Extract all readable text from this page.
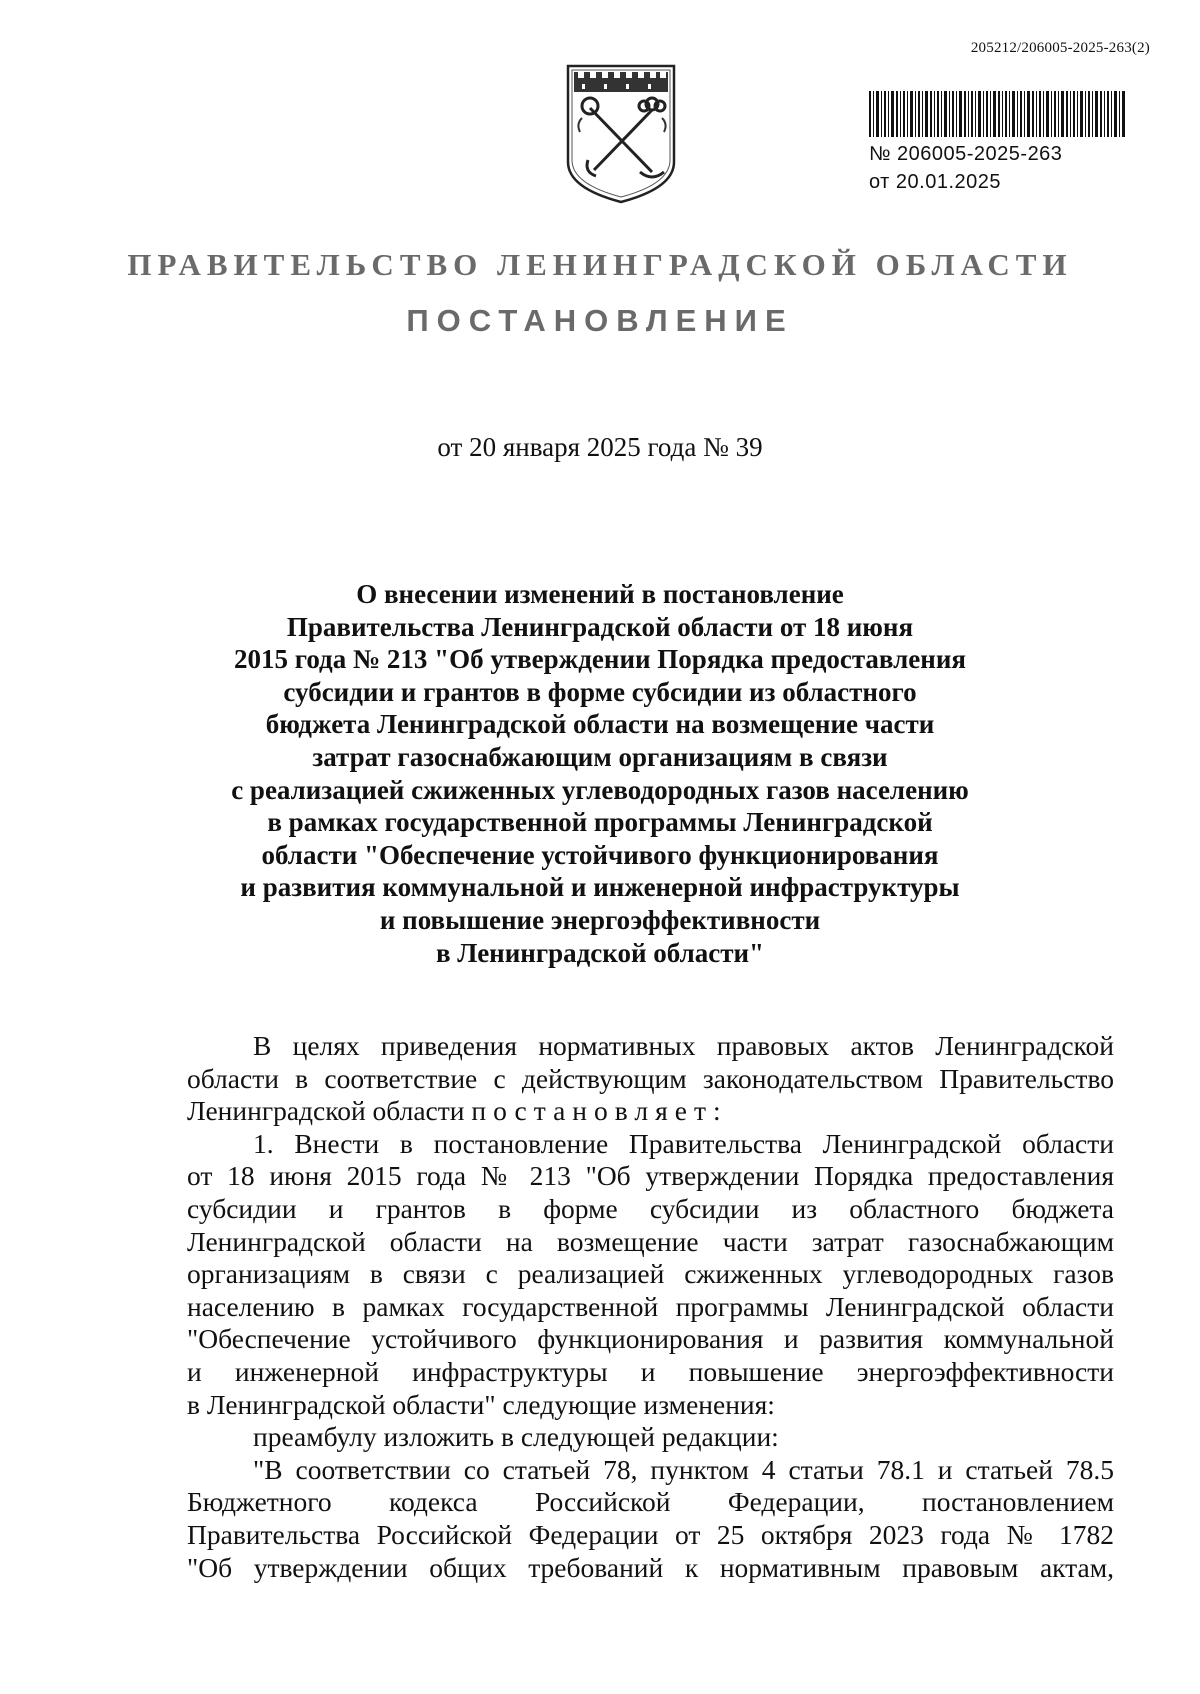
205212/206005-2025-263(2)
№ 206005-2025-263
от 20.01.2025
ПРАВИТЕЛЬСТВО ЛЕНИНГРАДСКОЙ ОБЛАСТИ
ПОСТАНОВЛЕНИЕ
от 20 января 2025 года № 39
О внесении изменений в постановление
Правительства Ленинградской области от 18 июня
2015 года № 213 "Об утверждении Порядка предоставления
субсидии и грантов в форме субсидии из областного
бюджета Ленинградской области на возмещение части
затрат газоснабжающим организациям в связи
с реализацией сжиженных углеводородных газов населению
в рамках государственной программы Ленинградской
области "Обеспечение устойчивого функционирования
и развития коммунальной и инженерной инфраструктуры
и повышение энергоэффективности
в Ленинградской области"
В целях приведения нормативных правовых актов Ленинградской
области в соответствие с действующим законодательством Правительство
Ленинградской области постановляет:
1. Внести в постановление Правительства Ленинградской области
от 18 июня 2015 года № 213 "Об утверждении Порядка предоставления
субсидии и грантов в форме субсидии из областного бюджета
Ленинградской области на возмещение части затрат газоснабжающим
организациям в связи с реализацией сжиженных углеводородных газов
населению в рамках государственной программы Ленинградской области
"Обеспечение устойчивого функционирования и развития коммунальной
и инженерной инфраструктуры и повышение энергоэффективности
в Ленинградской области" следующие изменения:
преамбулу изложить в следующей редакции:
"В соответствии со статьей 78, пунктом 4 статьи 78.1 и статьей 78.5
Бюджетного кодекса Российской Федерации, постановлением
Правительства Российской Федерации от 25 октября 2023 года № 1782
"Об утверждении общих требований к нормативным правовым актам,
